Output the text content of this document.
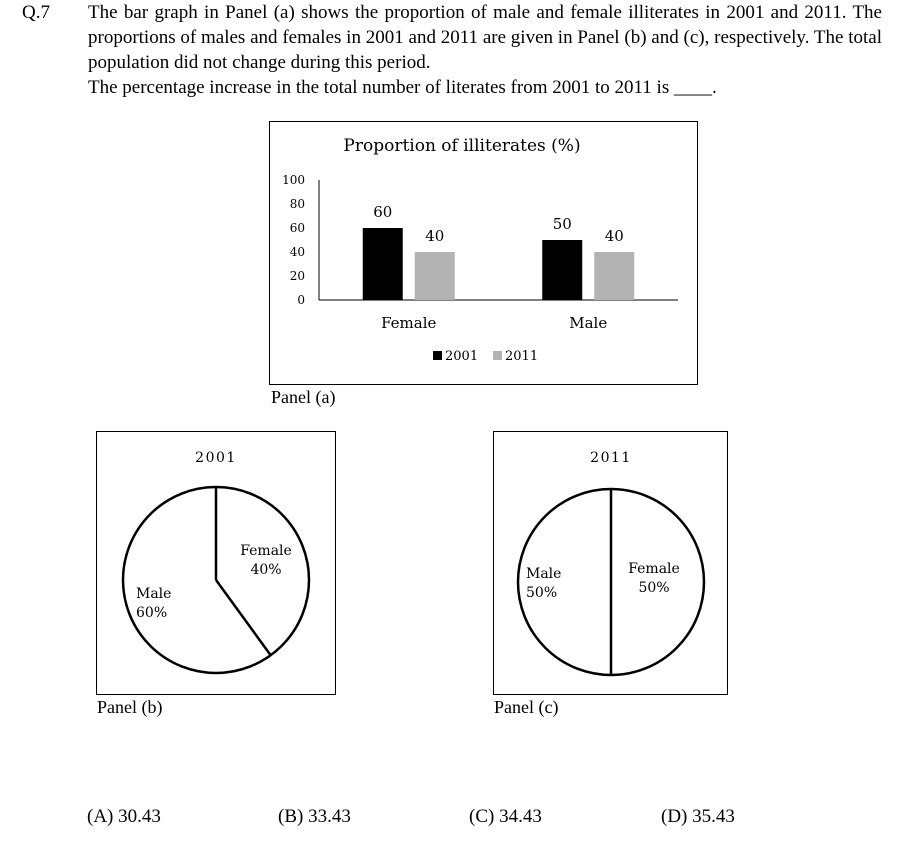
Q.7 The bar graph in Panel (a) shows the proportion of male and female illiterates in 2001 and 2011. The proportions of males and females in 2001 and 2011 are given in Panel (b) and (c), respectively. The total population did not change during this period.
The percentage increase in the total number of literates from 2001 to 2011 is ____.
Proportion of illiterates (%)
0
20
40
60
80
100
60
40
Female
50
40
Male
2001 2011
Panel (a)
2001
Female
40%
Male
60%
Panel (b)
2011
Female
50%
Male
50%
Panel (c)
(A) 30.43	(B) 33.43	(C) 34.43	(D) 35.43
